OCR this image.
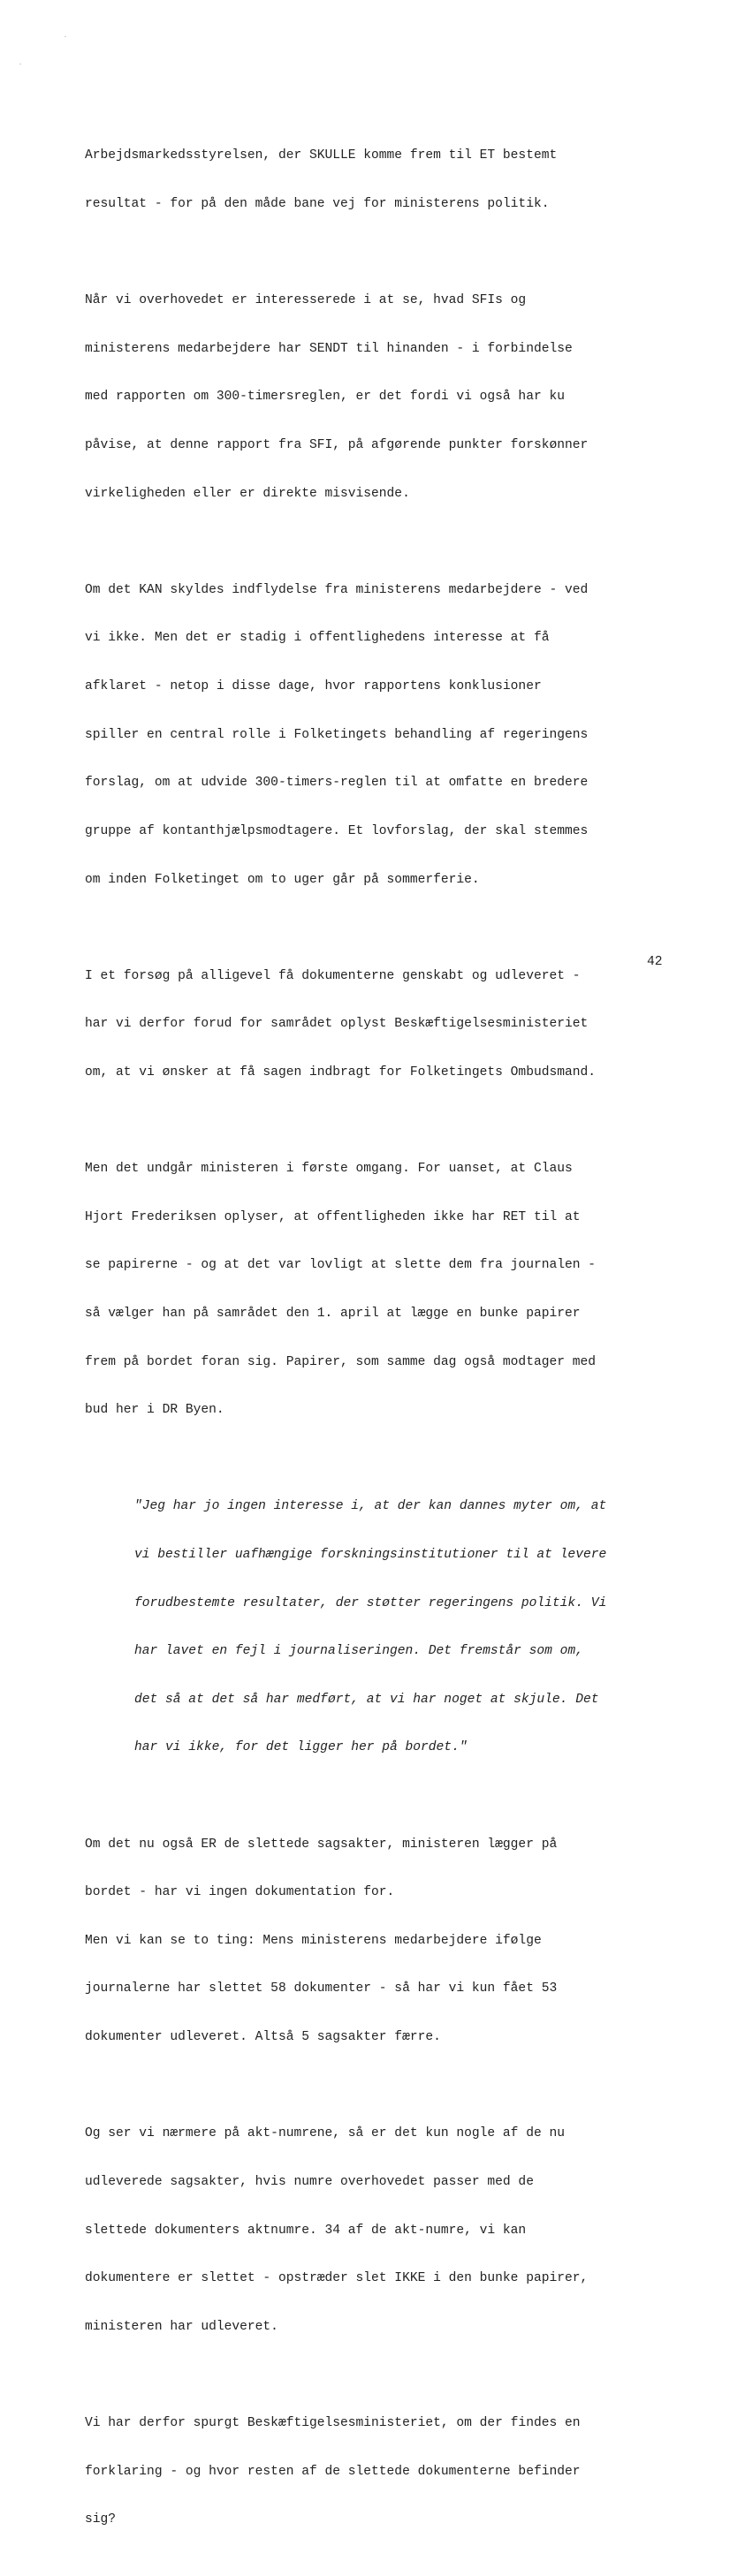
Arbejdsmarkedsstyrelsen, der SKULLE komme frem til ET bestemt

resultat - for på den måde bane vej for ministerens politik.

Når vi overhovedet er interesserede i at se, hvad SFIs og

ministerens medarbejdere har SENDT til hinanden - i forbindelse

med rapporten om 300-timersreglen, er det fordi vi også har ku

påvise, at denne rapport fra SFI, på afgørende punkter forskønner

virkeligheden eller er direkte misvisende.

Om det KAN skyldes indflydelse fra ministerens medarbejdere - ved

vi ikke. Men det er stadig i offentlighedens interesse at få

afklaret - netop i disse dage, hvor rapportens konklusioner

spiller en central rolle i Folketingets behandling af regeringens

forslag, om at udvide 300-timers-reglen til at omfatte en bredere

gruppe af kontanthjælpsmodtagere. Et lovforslag, der skal stemmes

om inden Folketinget om to uger går på sommerferie.

I et forsøg på alligevel få dokumenterne genskabt og udleveret -

har vi derfor forud for samrådet oplyst Beskæftigelsesministeriet

om, at vi ønsker at få sagen indbragt for Folketingets Ombudsmand.

Men det undgår ministeren i første omgang. For uanset, at Claus

Hjort Frederiksen oplyser, at offentligheden ikke har RET til at

se papirerne - og at det var lovligt at slette dem fra journalen -

så vælger han på samrådet den 1. april at lægge en bunke papirer

frem på bordet foran sig. Papirer, som samme dag også modtager med

bud her i DR Byen.

"Jeg har jo ingen interesse i, at der kan dannes myter om, at

vi bestiller uafhængige forskningsinstitutioner til at levere

forudbestemte resultater, der støtter regeringens politik. Vi

har lavet en fejl i journaliseringen. Det fremstår som om,

det så at det så har medført, at vi har noget at skjule. Det

har vi ikke, for det ligger her på bordet."

Om det nu også ER de slettede sagsakter, ministeren lægger på

bordet - har vi ingen dokumentation for.

Men vi kan se to ting: Mens ministerens medarbejdere ifølge

journalerne har slettet 58 dokumenter - så har vi kun fået 53

dokumenter udleveret. Altså 5 sagsakter færre.

Og ser vi nærmere på akt-numrene, så er det kun nogle af de nu

udleverede sagsakter, hvis numre overhovedet passer med de

slettede dokumenters aktnumre. 34 af de akt-numre, vi kan

dokumentere er slettet - opstræder slet IKKE i den bunke papirer,

ministeren har udleveret.

Vi har derfor spurgt Beskæftigelsesministeriet, om der findes en

forklaring - og hvor resten af de slettede dokumenterne befinder

sig?

42
